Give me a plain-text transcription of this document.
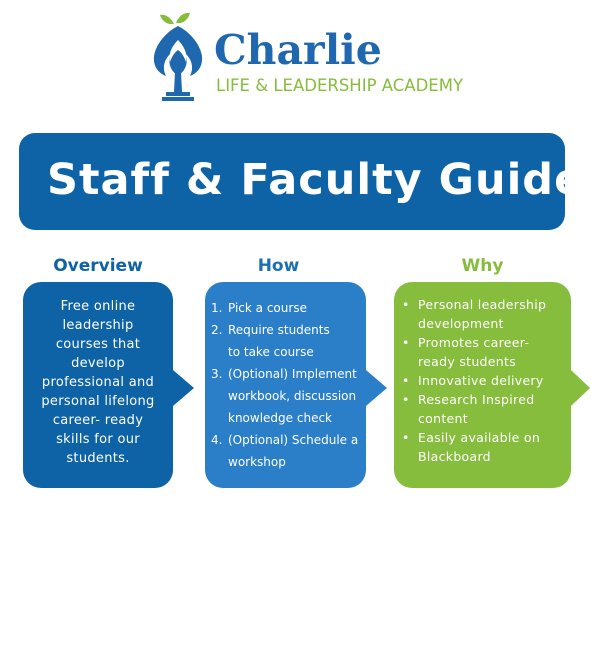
Charlie
LIFE & LEADERSHIP ACADEMY
Staff & Faculty Guide
Overview	How	Why
Free online
leadership
courses that
develop
professional and
personal lifelong
career- ready
skills for our
students.
1. Pick a course
2. Require students
to take course
3. (Optional) Implement
workbook, discussion
knowledge check
4. (Optional) Schedule a
workshop
• Personal leadership
development
• Promotes career-
ready students
• Innovative delivery
• Research Inspired
content
• Easily available on
Blackboard
